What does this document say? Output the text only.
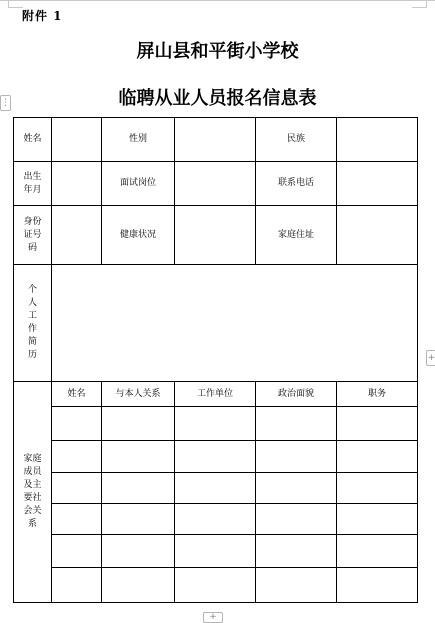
附件 1
屏山县和平街小学校
临聘从业人员报名信息表
⋮
+
+
姓名		性别		民族	
出生年月		面试岗位		联系电话	
身份证号码		健康状况		家庭住址	
个人工作简历					
家庭成员及主要社会关系	姓名	与本人关系	工作单位	政治面貌	职务
